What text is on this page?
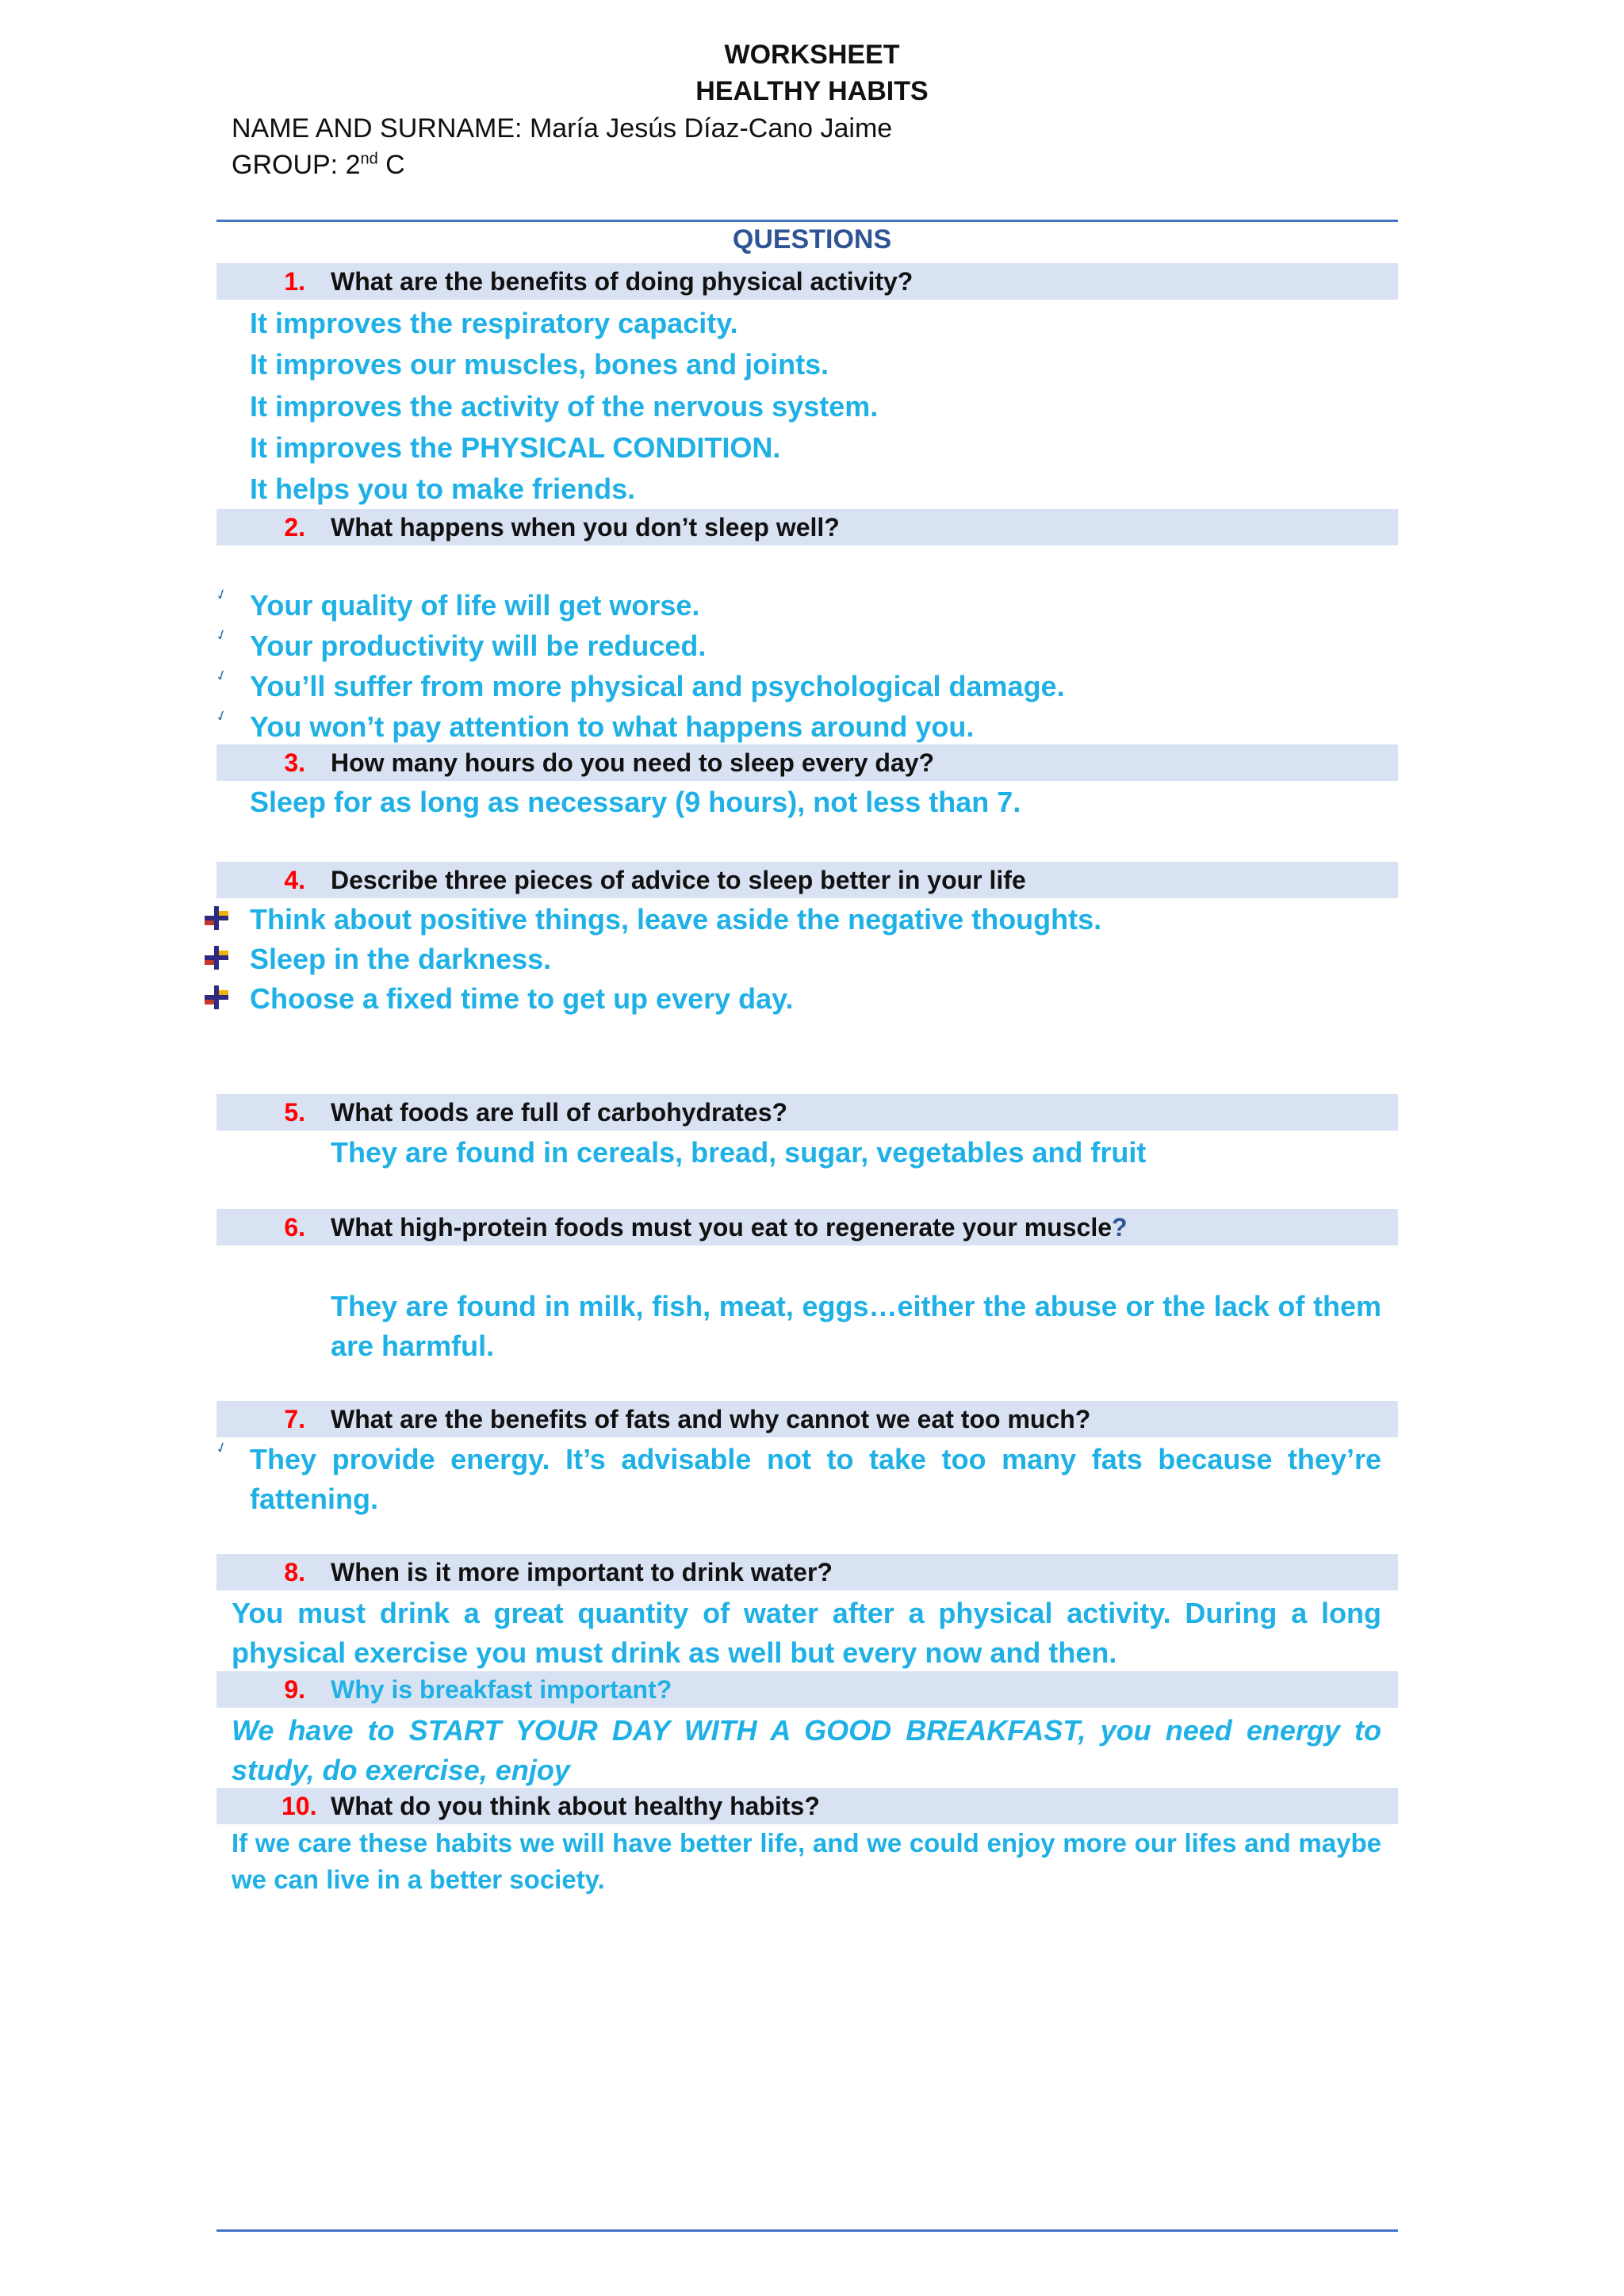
WORKSHEET
HEALTHY HABITS
NAME AND SURNAME: María Jesús Díaz-Cano Jaime
GROUP: 2nd C
QUESTIONS
1. What are the benefits of doing physical activity?
It improves the respiratory capacity.
It improves our muscles, bones and joints.
It improves the activity of the nervous system.
It improves the PHYSICAL CONDITION.
It helps you to make friends.
2. What happens when you don’t sleep well?
✓ Your quality of life will get worse.
✓ Your productivity will be reduced.
✓ You’ll suffer from more physical and psychological damage.
✓ You won’t pay attention to what happens around you.
3. How many hours do you need to sleep every day?
Sleep for as long as necessary (9 hours), not less than 7.
4. Describe three pieces of advice to sleep better in your life
Think about positive things, leave aside the negative thoughts.
Sleep in the darkness.
Choose a fixed time to get up every day.
5. What foods are full of carbohydrates?
They are found in cereals, bread, sugar, vegetables and fruit
6. What high-protein foods must you eat to regenerate your muscle?
They are found in milk, fish, meat, eggs…either the abuse or the lack of them are harmful.
7. What are the benefits of fats and why cannot we eat too much?
✓ They provide energy. It’s advisable not to take too many fats because they’re fattening.
8. When is it more important to drink water?
You must drink a great quantity of water after a physical activity. During a long physical exercise you must drink as well but every now and then.
9. Why is breakfast important?
We have to START YOUR DAY WITH A GOOD BREAKFAST, you need energy to study, do exercise, enjoy
10. What do you think about healthy habits?
If we care these habits we will have better life, and we could enjoy more our lifes and maybe we can live in a better society.
